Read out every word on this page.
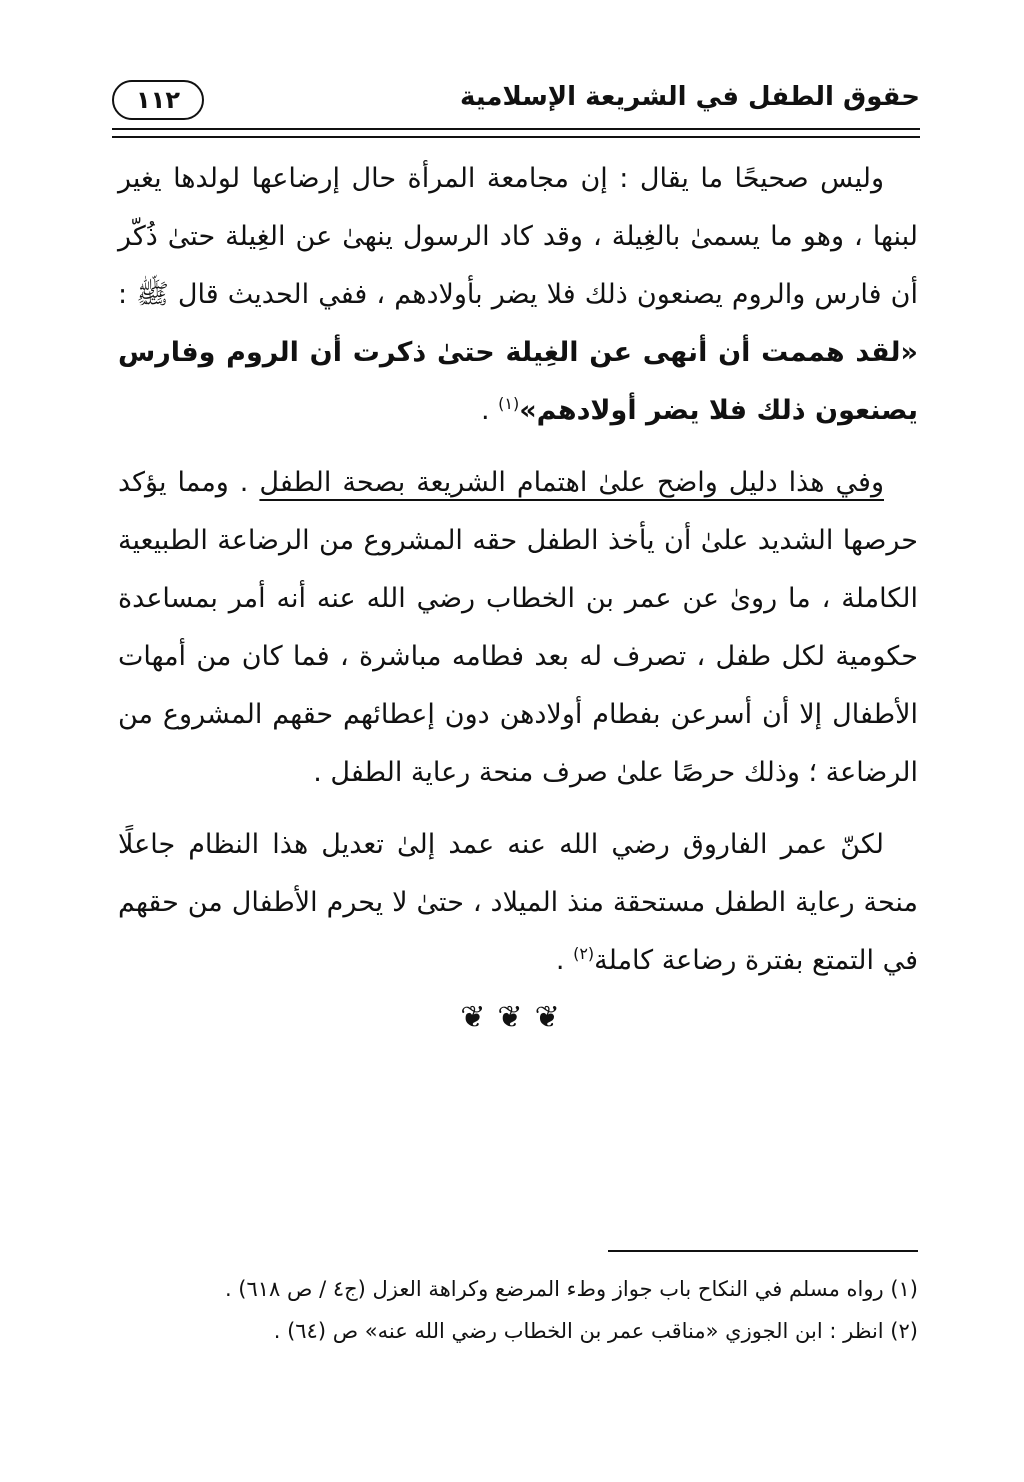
١١٢	حقوق الطفل في الشريعة الإسلامية

وليس صحيحًا ما يقال : إن مجامعة المرأة حال إرضاعها لولدها يغير لبنها ، وهو ما يسمىٰ بالغِيلة ، وقد كاد الرسول ينهىٰ عن الغِيلة حتىٰ ذُكّر أن فارس والروم يصنعون ذلك فلا يضر بأولادهم ، ففي الحديث قال ﷺ : «لقد هممت أن أنهى عن الغِيلة حتىٰ ذكرت أن الروم وفارس يصنعون ذلك فلا يضر أولادهم»$^{(١)}$ .

وفي هذا دليل واضح علىٰ اهتمام الشريعة بصحة الطفل . ومما يؤكد حرصها الشديد علىٰ أن يأخذ الطفل حقه المشروع من الرضاعة الطبيعية الكاملة ، ما روىٰ عن عمر بن الخطاب رضي الله عنه أنه أمر بمساعدة حكومية لكل طفل ، تصرف له بعد فطامه مباشرة ، فما كان من أمهات الأطفال إلا أن أسرعن بفطام أولادهن دون إعطائهم حقهم المشروع من الرضاعة ؛ وذلك حرصًا علىٰ صرف منحة رعاية الطفل .

لكنّ عمر الفاروق رضي الله عنه عمد إلىٰ تعديل هذا النظام جاعلًا منحة رعاية الطفل مستحقة منذ الميلاد ، حتىٰ لا يحرم الأطفال من حقهم في التمتع بفترة رضاعة كاملة$^{(٢)}$ .

❦ ❦ ❦

(١) رواه مسلم في النكاح باب جواز وطء المرضع وكراهة العزل (ج٤ / ص ٦١٨) .

(٢) انظر : ابن الجوزي «مناقب عمر بن الخطاب رضي الله عنه» ص (٦٤) .
